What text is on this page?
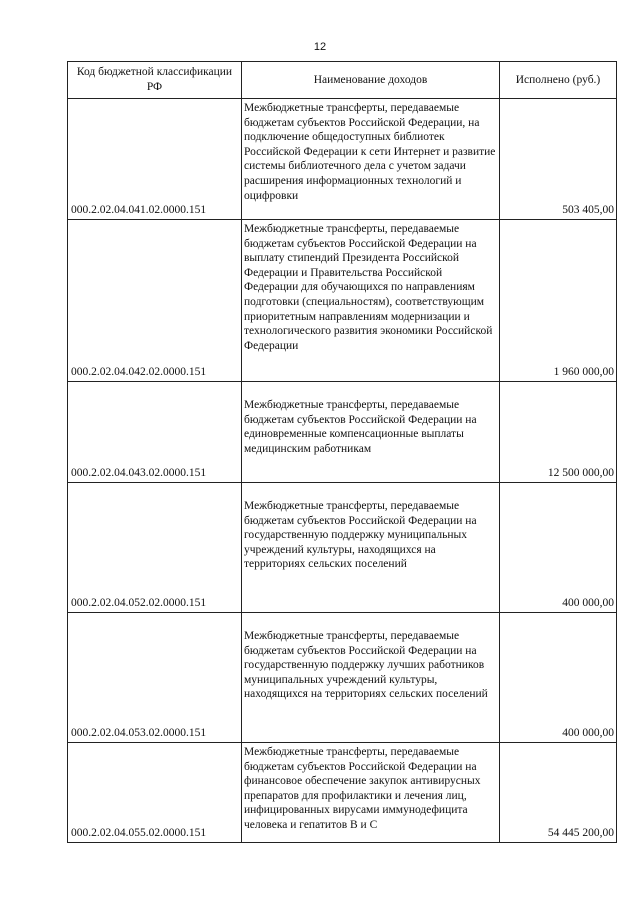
12
Код бюджетной классификации РФ	Наименование доходов	Исполнено (руб.)
000.2.02.04.041.02.0000.151	Межбюджетные трансферты, передаваемые бюджетам субъектов Российской Федерации, на подключение общедоступных библиотек Российской Федерации к сети Интернет и развитие системы библиотечного дела с учетом задачи расширения информационных технологий и оцифровки	503 405,00
000.2.02.04.042.02.0000.151	Межбюджетные трансферты, передаваемые бюджетам субъектов Российской Федерации на выплату стипендий Президента Российской Федерации и Правительства Российской Федерации для обучающихся по направлениям подготовки (специальностям), соответствующим приоритетным направлениям модернизации и технологического развития экономики Российской Федерации	1 960 000,00
000.2.02.04.043.02.0000.151	Межбюджетные трансферты, передаваемые бюджетам субъектов Российской Федерации на единовременные компенсационные выплаты медицинским работникам	12 500 000,00
000.2.02.04.052.02.0000.151	Межбюджетные трансферты, передаваемые бюджетам субъектов Российской Федерации на государственную поддержку муниципальных учреждений культуры, находящихся на территориях сельских поселений	400 000,00
000.2.02.04.053.02.0000.151	Межбюджетные трансферты, передаваемые бюджетам субъектов Российской Федерации на государственную поддержку лучших работников муниципальных учреждений культуры, находящихся на территориях сельских поселений	400 000,00
000.2.02.04.055.02.0000.151	Межбюджетные трансферты, передаваемые бюджетам субъектов Российской Федерации на финансовое обеспечение закупок антивирусных препаратов для профилактики и лечения лиц, инфицированных вирусами иммунодефицита человека и гепатитов В и С	54 445 200,00
